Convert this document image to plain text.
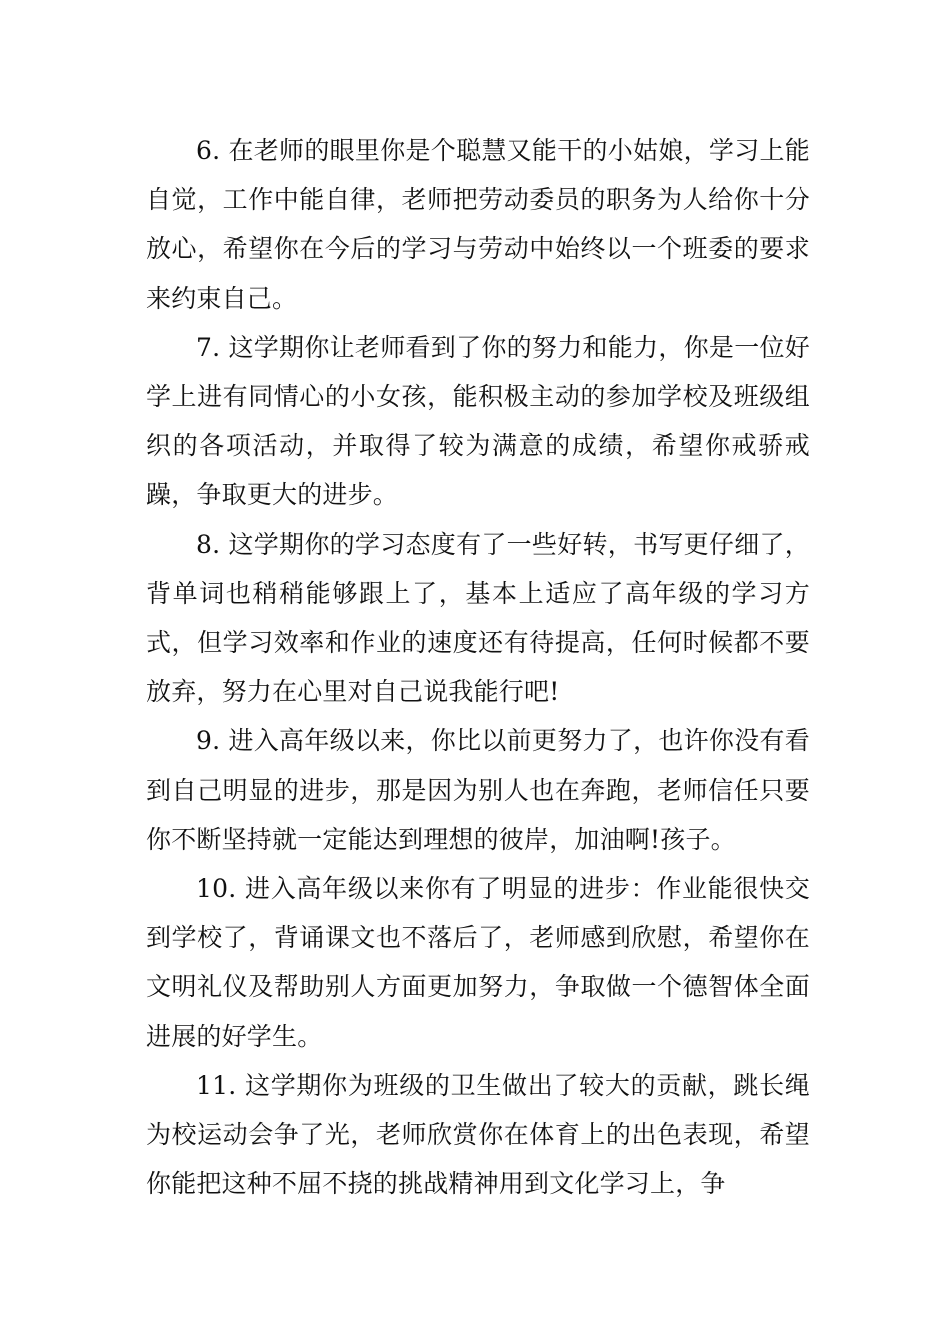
6. 在老师的眼里你是个聪慧又能干的小姑娘，学习上能自觉，工作中能自律，老师把劳动委员的职务为人给你十分放心，希望你在今后的学习与劳动中始终以一个班委的要求来约束自己。

7. 这学期你让老师看到了你的努力和能力，你是一位好学上进有同情心的小女孩，能积极主动的参加学校及班级组织的各项活动，并取得了较为满意的成绩，希望你戒骄戒躁，争取更大的进步。

8. 这学期你的学习态度有了一些好转，书写更仔细了，背单词也稍稍能够跟上了，基本上适应了高年级的学习方式，但学习效率和作业的速度还有待提高，任何时候都不要放弃，努力在心里对自己说我能行吧!

9. 进入高年级以来，你比以前更努力了，也许你没有看到自己明显的进步，那是因为别人也在奔跑，老师信任只要你不断坚持就一定能达到理想的彼岸，加油啊!孩子。

10. 进入高年级以来你有了明显的进步：作业能很快交到学校了，背诵课文也不落后了，老师感到欣慰，希望你在文明礼仪及帮助别人方面更加努力，争取做一个德智体全面进展的好学生。

11. 这学期你为班级的卫生做出了较大的贡献，跳长绳为校运动会争了光，老师欣赏你在体育上的出色表现，希望你能把这种不屈不挠的挑战精神用到文化学习上，争
